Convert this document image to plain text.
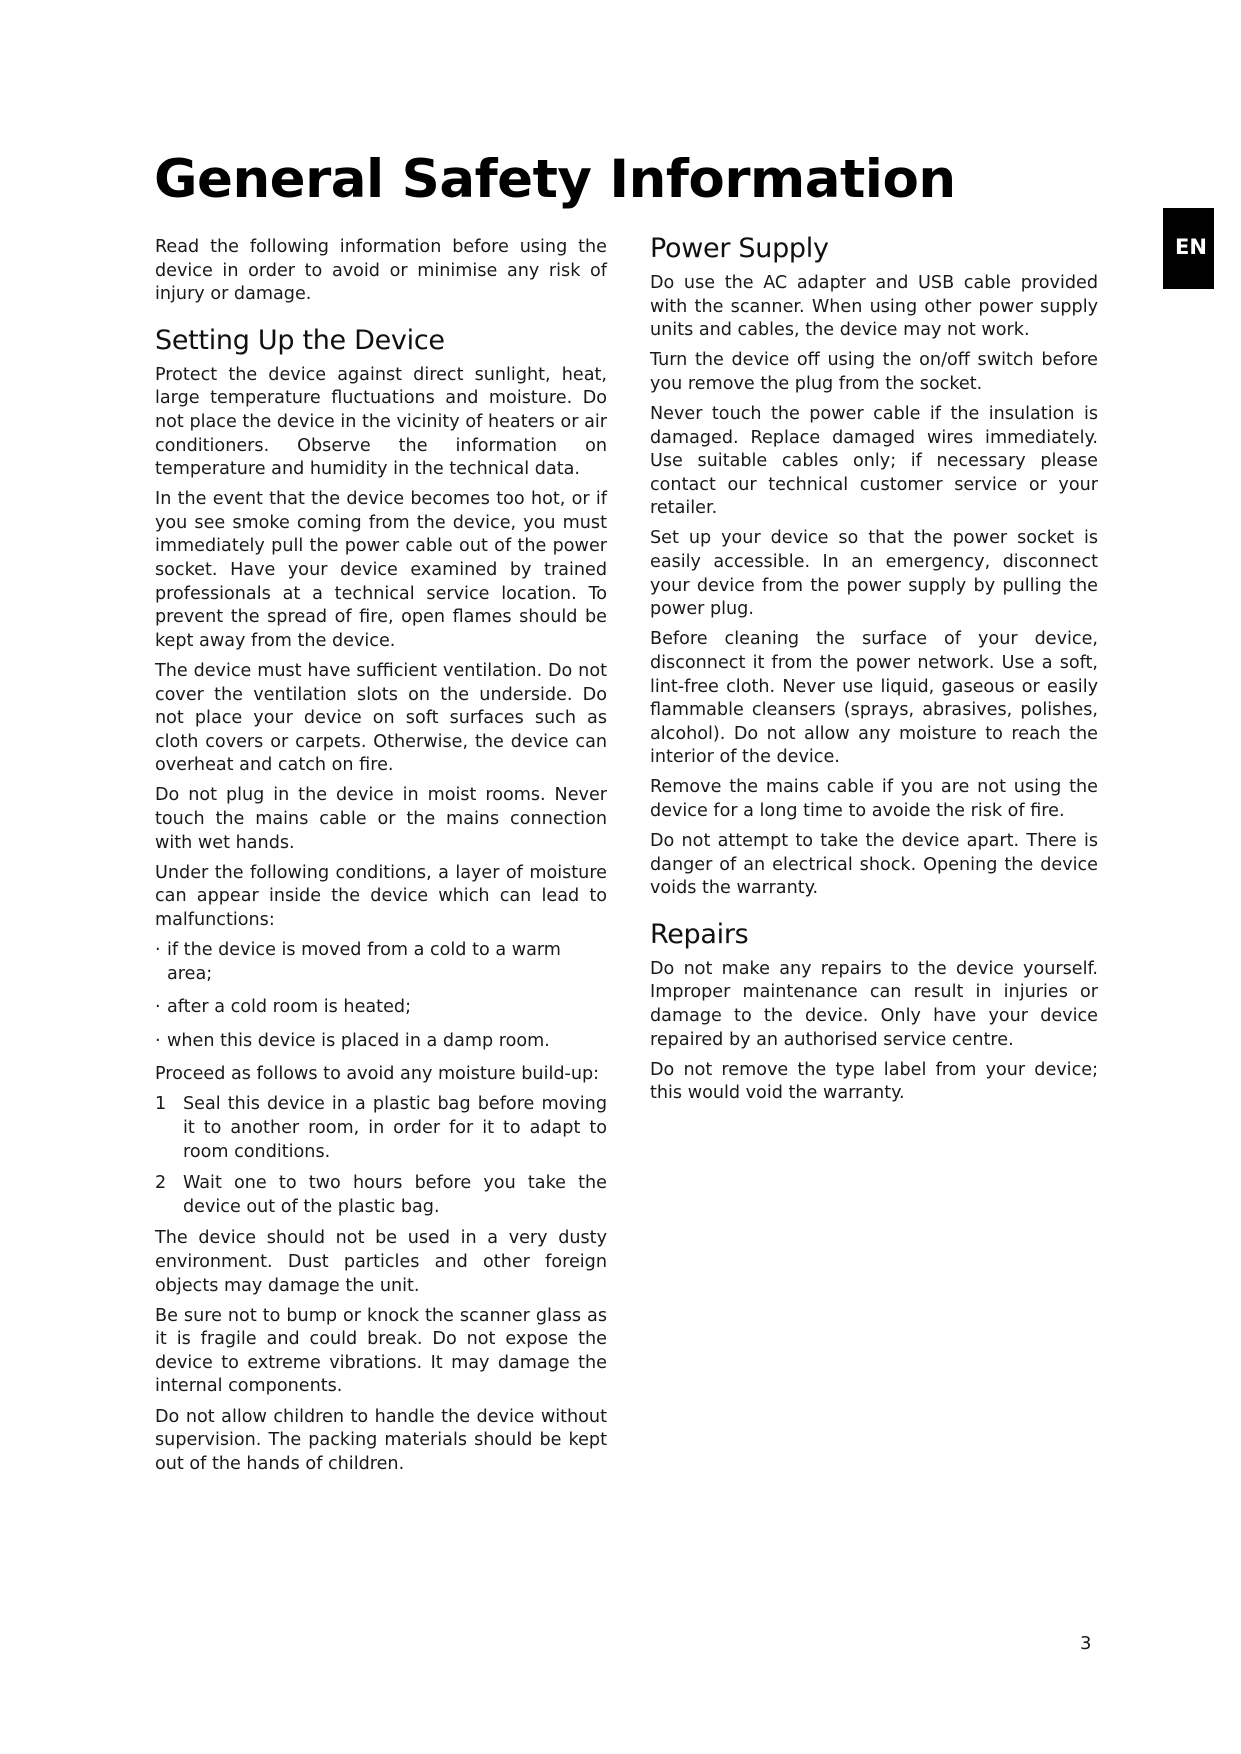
General Safety Information
EN

Read the following information before using the device in order to avoid or minimise any risk of injury or damage.

Setting Up the Device

Protect the device against direct sunlight, heat, large temperature fluctuations and moisture. Do not place the device in the vicinity of heaters or air conditioners. Observe the information on temperature and humidity in the technical data.

In the event that the device becomes too hot, or if you see smoke coming from the device, you must immediately pull the power cable out of the power socket. Have your device examined by trained professionals at a technical service location. To prevent the spread of fire, open flames should be kept away from the device.

The device must have sufficient ventilation. Do not cover the ventilation slots on the underside. Do not place your device on soft surfaces such as cloth covers or carpets. Otherwise, the device can overheat and catch on fire.

Do not plug in the device in moist rooms. Never touch the mains cable or the mains connection with wet hands.

Under the following conditions, a layer of moisture can appear inside the device which can lead to malfunctions:

· if the device is moved from a cold to a warm area;
· after a cold room is heated;
· when this device is placed in a damp room.

Proceed as follows to avoid any moisture build-up:

1 Seal this device in a plastic bag before moving it to another room, in order for it to adapt to room conditions.
2 Wait one to two hours before you take the device out of the plastic bag.

The device should not be used in a very dusty environment. Dust particles and other foreign objects may damage the unit.

Be sure not to bump or knock the scanner glass as it is fragile and could break. Do not expose the device to extreme vibrations. It may damage the internal components.

Do not allow children to handle the device without supervision. The packing materials should be kept out of the hands of children.

Power Supply

Do use the AC adapter and USB cable provided with the scanner. When using other power supply units and cables, the device may not work.

Turn the device off using the on/off switch before you remove the plug from the socket.

Never touch the power cable if the insulation is damaged. Replace damaged wires immediately. Use suitable cables only; if necessary please contact our technical customer service or your retailer.

Set up your device so that the power socket is easily accessible. In an emergency, disconnect your device from the power supply by pulling the power plug.

Before cleaning the surface of your device, disconnect it from the power network. Use a soft, lint-free cloth. Never use liquid, gaseous or easily flammable cleansers (sprays, abrasives, polishes, alcohol). Do not allow any moisture to reach the interior of the device.

Remove the mains cable if you are not using the device for a long time to avoide the risk of fire.

Do not attempt to take the device apart. There is danger of an electrical shock. Opening the device voids the warranty.

Repairs

Do not make any repairs to the device yourself. Improper maintenance can result in injuries or damage to the device. Only have your device repaired by an authorised service centre.

Do not remove the type label from your device; this would void the warranty.

3
